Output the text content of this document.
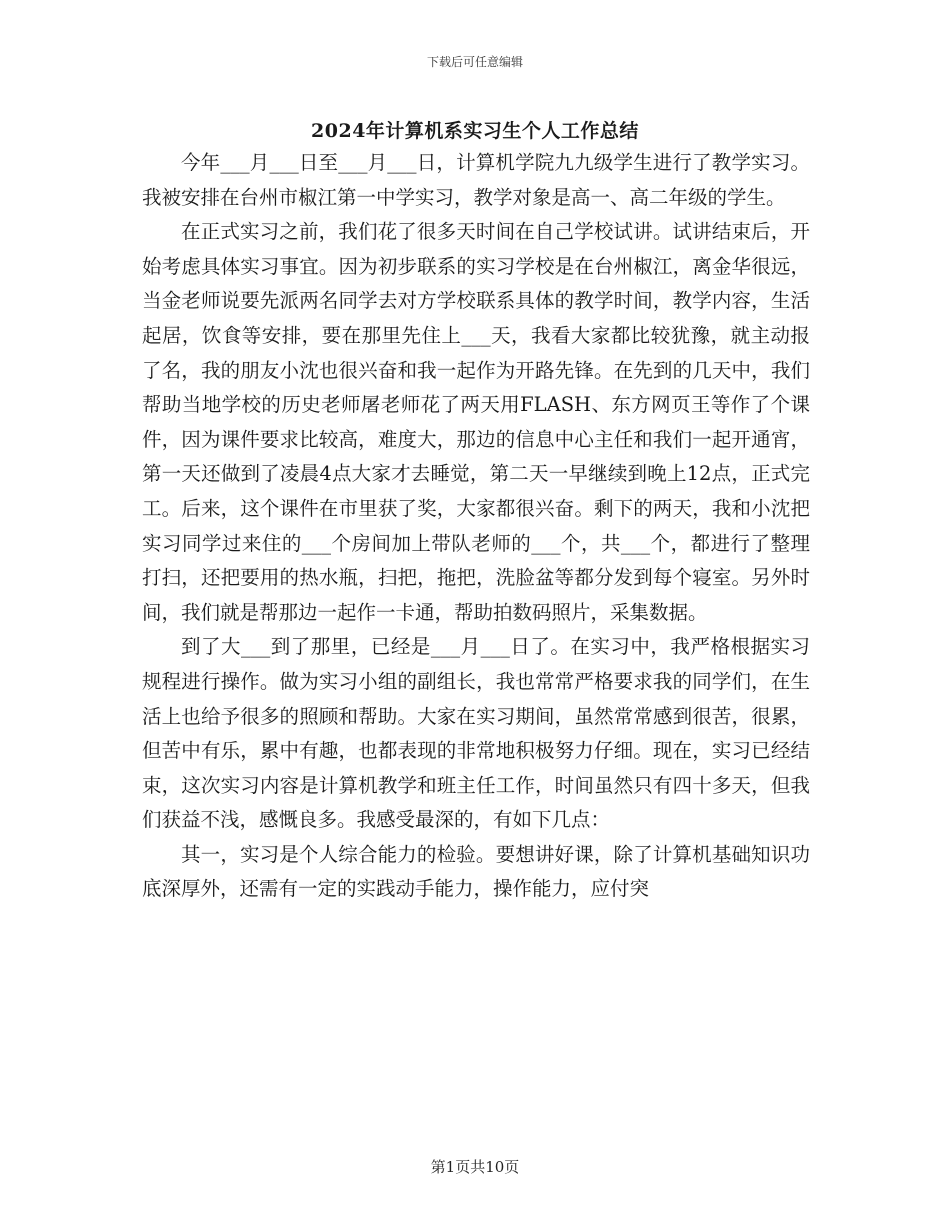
下载后可任意编辑
2024年计算机系实习生个人工作总结

今年___月___日至___月___日，计算机学院九九级学生进行了教学实习。我被安排在台州市椒江第一中学实习，教学对象是高一、高二年级的学生。

在正式实习之前，我们花了很多天时间在自己学校试讲。试讲结束后，开始考虑具体实习事宜。因为初步联系的实习学校是在台州椒江，离金华很远，当金老师说要先派两名同学去对方学校联系具体的教学时间，教学内容，生活起居，饮食等安排，要在那里先住上___天，我看大家都比较犹豫，就主动报了名，我的朋友小沈也很兴奋和我一起作为开路先锋。在先到的几天中，我们帮助当地学校的历史老师屠老师花了两天用FLASH、东方网页王等作了个课件，因为课件要求比较高，难度大，那边的信息中心主任和我们一起开通宵，第一天还做到了凌晨4点大家才去睡觉，第二天一早继续到晚上12点，正式完工。后来，这个课件在市里获了奖，大家都很兴奋。剩下的两天，我和小沈把实习同学过来住的___个房间加上带队老师的___个，共___个，都进行了整理打扫，还把要用的热水瓶，扫把，拖把，洗脸盆等都分发到每个寝室。另外时间，我们就是帮那边一起作一卡通，帮助拍数码照片，采集数据。

到了大___到了那里，已经是___月___日了。在实习中，我严格根据实习规程进行操作。做为实习小组的副组长，我也常常严格要求我的同学们，在生活上也给予很多的照顾和帮助。大家在实习期间，虽然常常感到很苦，很累，但苦中有乐，累中有趣，也都表现的非常地积极努力仔细。现在，实习已经结束，这次实习内容是计算机教学和班主任工作，时间虽然只有四十多天，但我们获益不浅，感慨良多。我感受最深的，有如下几点：

其一，实习是个人综合能力的检验。要想讲好课，除了计算机基础知识功底深厚外，还需有一定的实践动手能力，操作能力，应付突

第1页共10页
